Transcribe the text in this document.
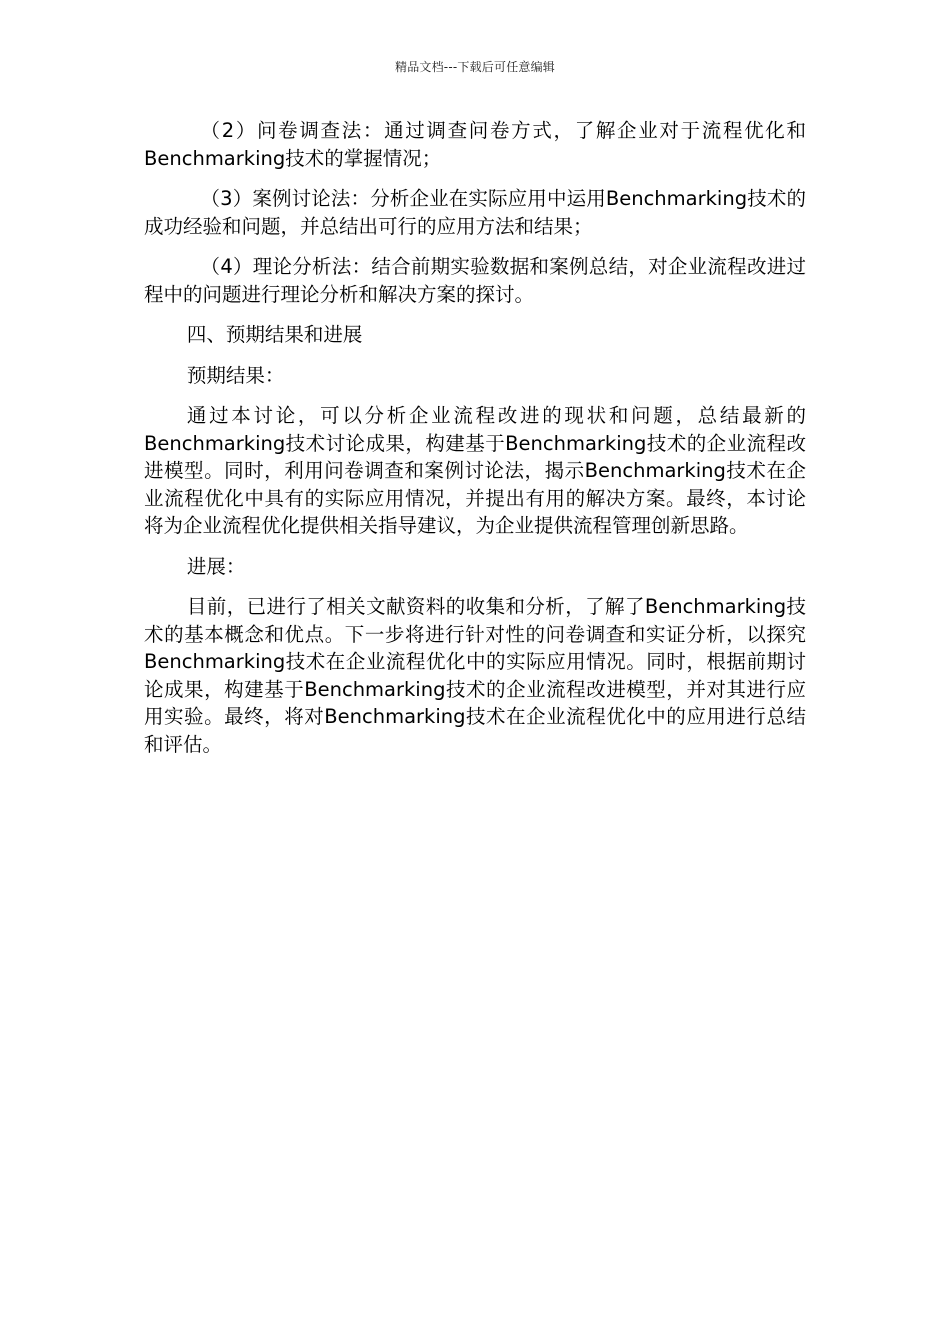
精品文档---下载后可任意编辑

（2）问卷调查法：通过调查问卷方式，了解企业对于流程优化和Benchmarking技术的掌握情况；

（3）案例讨论法：分析企业在实际应用中运用Benchmarking技术的成功经验和问题，并总结出可行的应用方法和结果；

（4）理论分析法：结合前期实验数据和案例总结，对企业流程改进过程中的问题进行理论分析和解决方案的探讨。

四、预期结果和进展

预期结果：

通过本讨论，可以分析企业流程改进的现状和问题，总结最新的Benchmarking技术讨论成果，构建基于Benchmarking技术的企业流程改进模型。同时，利用问卷调查和案例讨论法，揭示Benchmarking技术在企业流程优化中具有的实际应用情况，并提出有用的解决方案。最终，本讨论将为企业流程优化提供相关指导建议，为企业提供流程管理创新思路。

进展：

目前，已进行了相关文献资料的收集和分析，了解了Benchmarking技术的基本概念和优点。下一步将进行针对性的问卷调查和实证分析，以探究Benchmarking技术在企业流程优化中的实际应用情况。同时，根据前期讨论成果，构建基于Benchmarking技术的企业流程改进模型，并对其进行应用实验。最终，将对Benchmarking技术在企业流程优化中的应用进行总结和评估。
